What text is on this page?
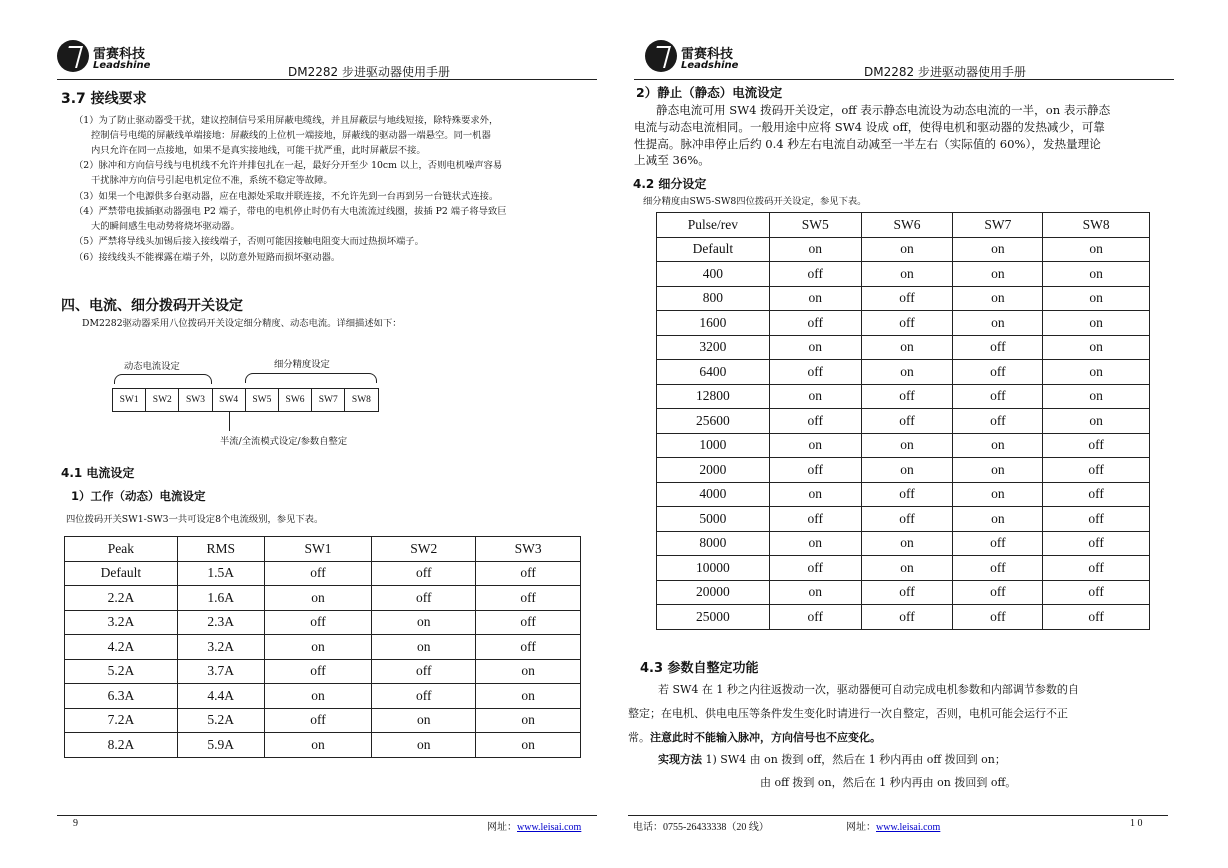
雷赛科技
Leadshine	DM2282 步进驱动器使用手册
3.7 接线要求
（1）为了防止驱动器受干扰，建议控制信号采用屏蔽电缆线，并且屏蔽层与地线短接，除特殊要求外，
控制信号电缆的屏蔽线单端接地：屏蔽线的上位机一端接地，屏蔽线的驱动器一端悬空。同一机器
内只允许在同一点接地，如果不是真实接地线，可能干扰严重，此时屏蔽层不接。
（2）脉冲和方向信号线与电机线不允许并排包扎在一起，最好分开至少 10cm 以上，否则电机噪声容易
干扰脉冲方向信号引起电机定位不准，系统不稳定等故障。
（3）如果一个电源供多台驱动器，应在电源处采取并联连接，不允许先到一台再到另一台链状式连接。
（4）严禁带电拔插驱动器强电 P2 端子，带电的电机停止时仍有大电流流过线圈，拔插 P2 端子将导致巨
大的瞬间感生电动势将烧坏驱动器。
（5）严禁将导线头加锡后接入接线端子，否则可能因接触电阻变大而过热损坏端子。
（6）接线线头不能裸露在端子外，以防意外短路而损坏驱动器。
四、电流、细分拨码开关设定
DM2282驱动器采用八位拨码开关设定细分精度、动态电流。详细描述如下：
动态电流设定	细分精度设定
SW1	SW2	SW3	SW4	SW5	SW6	SW7	SW8
半流/全流模式设定/参数自整定
4.1 电流设定
1）工作（动态）电流设定
四位拨码开关SW1-SW3一共可设定8个电流级别，参见下表。
Peak	RMS	SW1	SW2	SW3
Default	1.5A	off	off	off
2.2A	1.6A	on	off	off
3.2A	2.3A	off	on	off
4.2A	3.2A	on	on	off
5.2A	3.7A	off	off	on
6.3A	4.4A	on	off	on
7.2A	5.2A	off	on	on
8.2A	5.9A	on	on	on
9	网址：www.leisai.com
雷赛科技
Leadshine	DM2282 步进驱动器使用手册
2）静止（静态）电流设定
静态电流可用 SW4 拨码开关设定，off 表示静态电流设为动态电流的一半，on 表示静态
电流与动态电流相同。一般用途中应将 SW4 设成 off，使得电机和驱动器的发热减少，可靠
性提高。脉冲串停止后约 0.4 秒左右电流自动减至一半左右（实际值的 60%），发热量理论
上减至 36%。
4.2 细分设定
细分精度由SW5-SW8四位拨码开关设定，参见下表。
Pulse/rev	SW5	SW6	SW7	SW8
Default	on	on	on	on
400	off	on	on	on
800	on	off	on	on
1600	off	off	on	on
3200	on	on	off	on
6400	off	on	off	on
12800	on	off	off	on
25600	off	off	off	on
1000	on	on	on	off
2000	off	on	on	off
4000	on	off	on	off
5000	off	off	on	off
8000	on	on	off	off
10000	off	on	off	off
20000	on	off	off	off
25000	off	off	off	off
4.3 参数自整定功能
若 SW4 在 1 秒之内往返拨动一次，驱动器便可自动完成电机参数和内部调节参数的自
整定；在电机、供电电压等条件发生变化时请进行一次自整定，否则，电机可能会运行不正
常。注意此时不能输入脉冲，方向信号也不应变化。
实现方法 1) SW4 由 on 拨到 off，然后在 1 秒内再由 off 拨回到 on；
由 off 拨到 on，然后在 1 秒内再由 on 拨回到 off。
电话：0755-26433338（20 线）	网址：www.leisai.com	1 0
